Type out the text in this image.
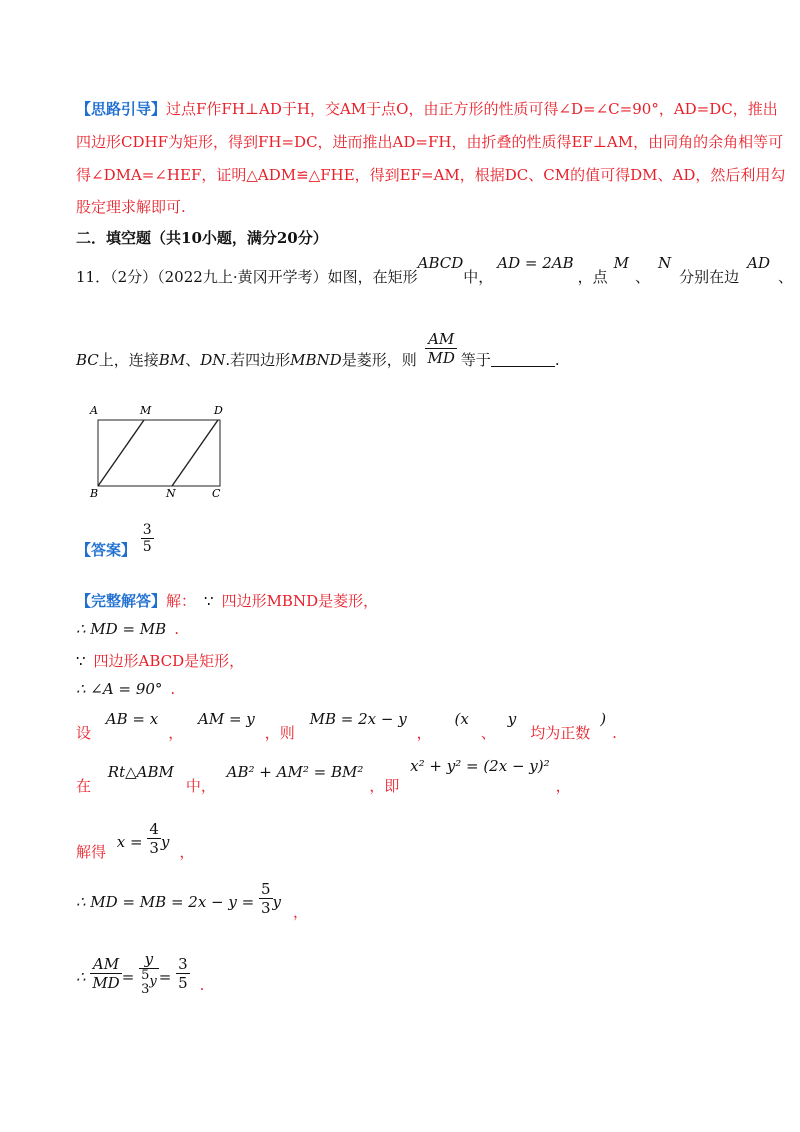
【思路引导】过点F作FH⊥AD于H，交AM于点O，由正方形的性质可得∠D=∠C=90°，AD=DC，推出
四边形CDHF为矩形，得到FH=DC，进而推出AD=FH，由折叠的性质得EF⊥AM，由同角的余角相等可
得∠DMA=∠HEF，证明△ADM≌△FHE，得到EF=AM，根据DC、CM的值可得DM、AD，然后利用勾
股定理求解即可.
二．填空题（共10小题，满分20分）
11．（2分）（2022九上·黄冈开学考）如图，在矩形ABCD中，AD = 2AB，点M、N分别在边AD、
BC上，连接BM、DN.若四边形MBND是菱形，则 $\frac{AM}{MD}$ 等于	.
A	M	D
B	N	C
【答案】 $\frac{3}{5}$
【完整解答】解： ∵ 四边形MBND是菱形，
∴ MD = MB .
∵ 四边形ABCD是矩形，
∴ ∠A = 90° .
设 AB = x， AM = y，则 MB = 2x − y， (x、y均为正数).
在 Rt△ABM中， AB² + AM² = BM²，即 x² + y² = (2x − y)²，
解得 $x = \frac{4}{3}$ y，
∴ MD = MB = $2x - y = \frac{5}{3}$ y，
∴ $\frac{AM}{MD} = y$
5
$3y = \frac{3}{5}$ .
